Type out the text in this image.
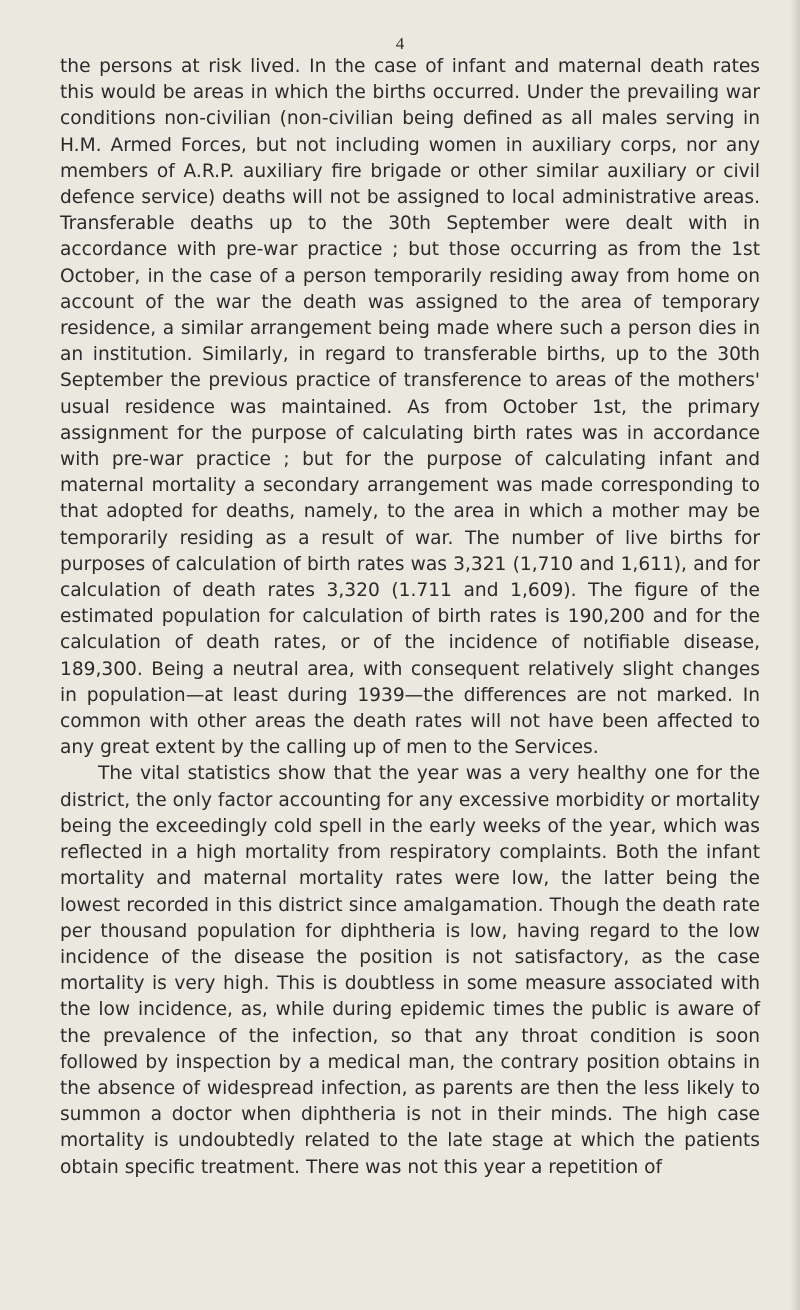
4

the persons at risk lived. In the case of infant and maternal death rates this would be areas in which the births occurred. Under the prevailing war conditions non-civilian (non-civilian being defined as all males serving in H.M. Armed Forces, but not including women in auxiliary corps, nor any members of A.R.P. auxiliary fire brigade or other similar auxiliary or civil defence service) deaths will not be assigned to local administrative areas. Transferable deaths up to the 30th September were dealt with in accordance with pre-war practice ; but those occurring as from the 1st October, in the case of a person temporarily residing away from home on account of the war the death was assigned to the area of temporary residence, a similar arrangement being made where such a person dies in an institution. Similarly, in regard to transferable births, up to the 30th September the previous practice of transference to areas of the mothers' usual residence was maintained. As from October 1st, the primary assignment for the purpose of calculating birth rates was in accordance with pre-war practice ; but for the purpose of calculating infant and maternal mortality a secondary arrangement was made corresponding to that adopted for deaths, namely, to the area in which a mother may be temporarily residing as a result of war. The number of live births for purposes of calculation of birth rates was 3,321 (1,710 and 1,611), and for calculation of death rates 3,320 (1.711 and 1,609). The figure of the estimated population for calculation of birth rates is 190,200 and for the calculation of death rates, or of the incidence of notifiable disease, 189,300. Being a neutral area, with consequent relatively slight changes in population—at least during 1939—the differences are not marked. In common with other areas the death rates will not have been affected to any great extent by the calling up of men to the Services.

The vital statistics show that the year was a very healthy one for the district, the only factor accounting for any excessive morbidity or mortality being the exceedingly cold spell in the early weeks of the year, which was reflected in a high mortality from respiratory complaints. Both the infant mortality and maternal mortality rates were low, the latter being the lowest recorded in this district since amalgamation. Though the death rate per thousand population for diphtheria is low, having regard to the low incidence of the disease the position is not satisfactory, as the case mortality is very high. This is doubtless in some measure associated with the low incidence, as, while during epidemic times the public is aware of the prevalence of the infection, so that any throat condition is soon followed by inspection by a medical man, the contrary position obtains in the absence of widespread infection, as parents are then the less likely to summon a doctor when diphtheria is not in their minds. The high case mortality is undoubtedly related to the late stage at which the patients obtain specific treatment. There was not this year a repetition of
